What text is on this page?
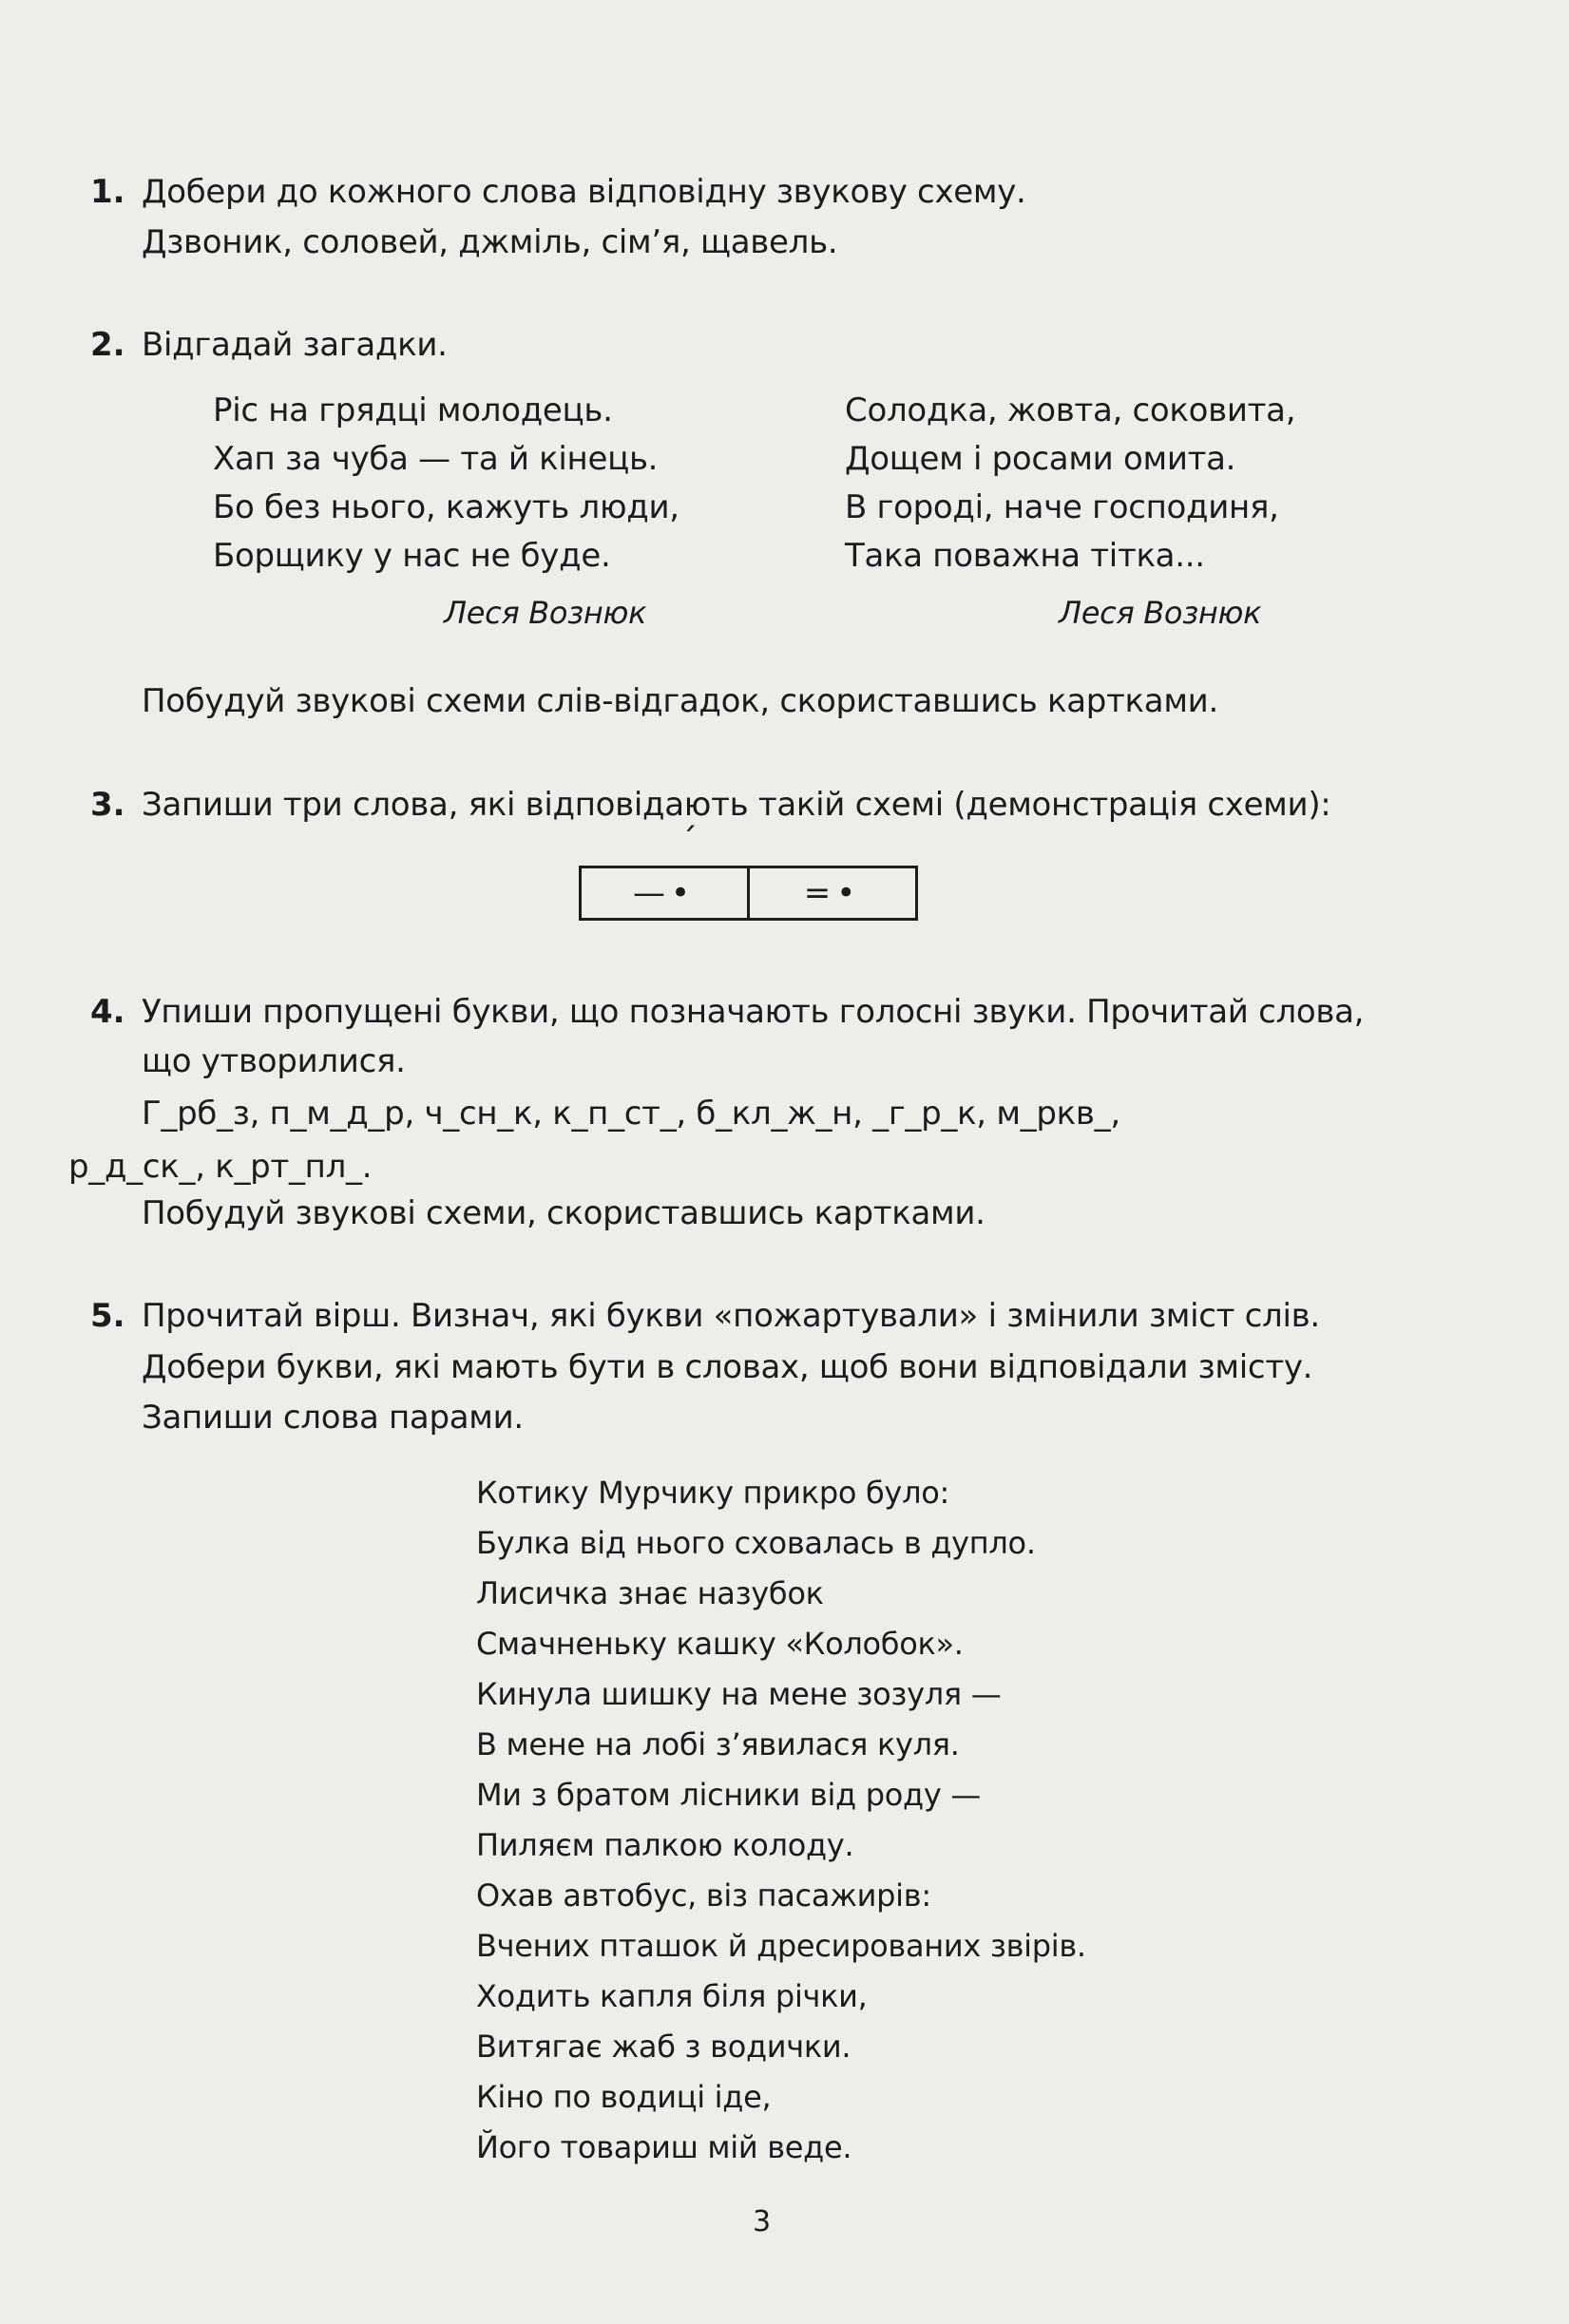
1. Добери до кожного слова відповідну звукову схему.
Дзвоник, соловей, джміль, сім’я, щавель.
2. Відгадай загадки.
Ріс на грядці молодець.
Хап за чуба — та й кінець.
Бо без нього, кажуть люди,
Борщику у нас не буде.
Леся Вознюк
Солодка, жовта, соковита,
Дощем і росами омита.
В городі, наче господиня,
Така поважна тітка...
Леся Вознюк
Побудуй звукові схеми слів-відгадок, скориставшись картками.
3. Запиши три слова, які відповідають такій схемі (демонстрація схеми):
´
—•	=•
4. Упиши пропущені букви, що позначають голосні звуки. Прочитай слова,
що утворилися.
Г_рб_з, п_м_д_р, ч_сн_к, к_п_ст_, б_кл_ж_н, _г_р_к, м_ркв_,
р_д_ск_, к_рт_пл_.
Побудуй звукові схеми, скориставшись картками.
5. Прочитай вірш. Визнач, які букви «пожартували» і змінили зміст слів.
Добери букви, які мають бути в словах, щоб вони відповідали змісту.
Запиши слова парами.
Котику Мурчику прикро було:
Булка від нього сховалась в дупло.
Лисичка знає назубок
Смачненьку кашку «Колобок».
Кинула шишку на мене зозуля —
В мене на лобі з’явилася куля.
Ми з братом лісники від роду —
Пиляєм палкою колоду.
Охав автобус, віз пасажирів:
Вчених пташок й дресированих звірів.
Ходить капля біля річки,
Витягає жаб з водички.
Кіно по водиці іде,
Його товариш мій веде.
3
